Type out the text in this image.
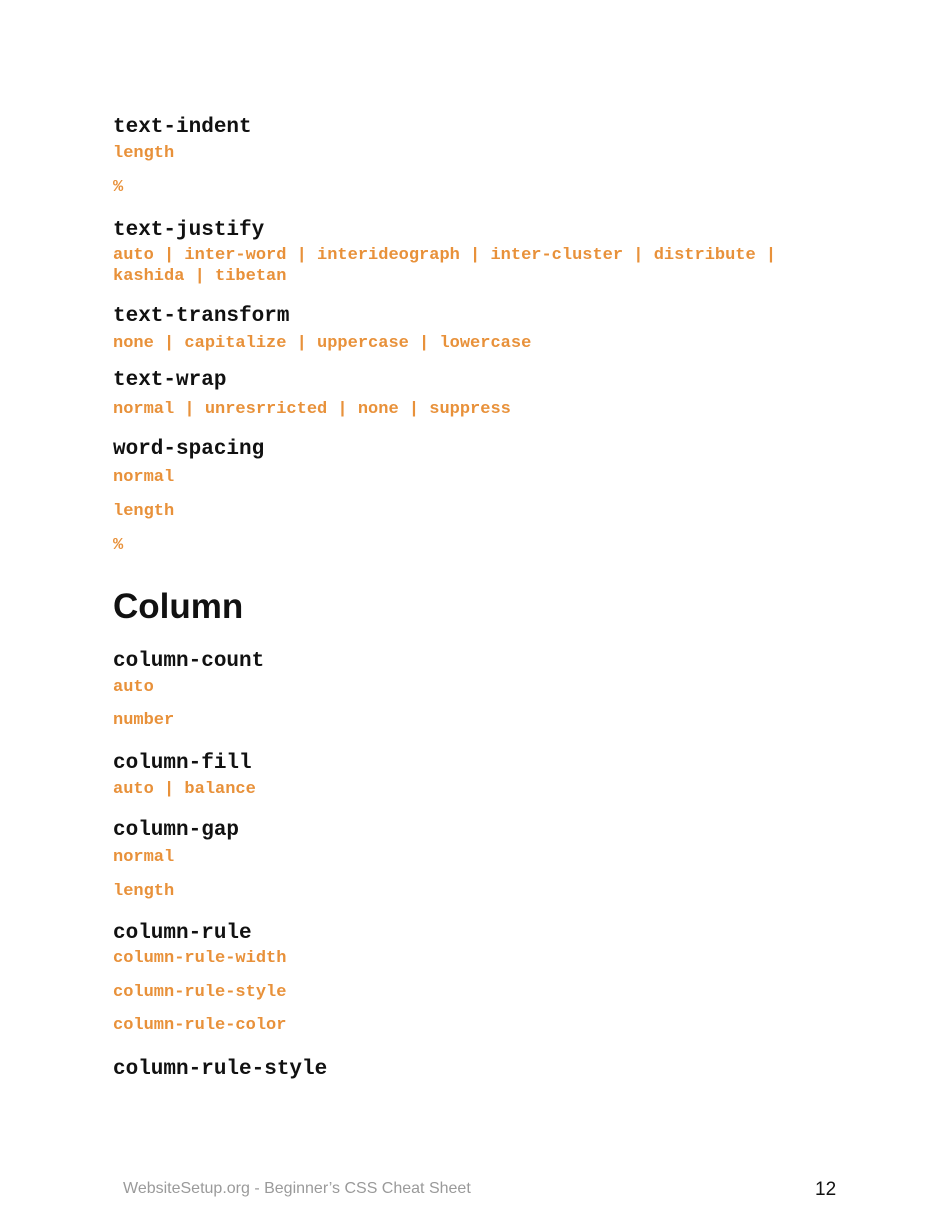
text-indent
length
%
text-justify
auto | inter-word | interideograph | inter-cluster | distribute |
kashida | tibetan
text-transform
none | capitalize | uppercase | lowercase
text-wrap
normal | unresrricted | none | suppress
word-spacing
normal
length
%
Column
column-count
auto
number
column-fill
auto | balance
column-gap
normal
length
column-rule
column-rule-width
column-rule-style
column-rule-color
column-rule-style
WebsiteSetup.org - Beginner’s CSS Cheat Sheet	12
